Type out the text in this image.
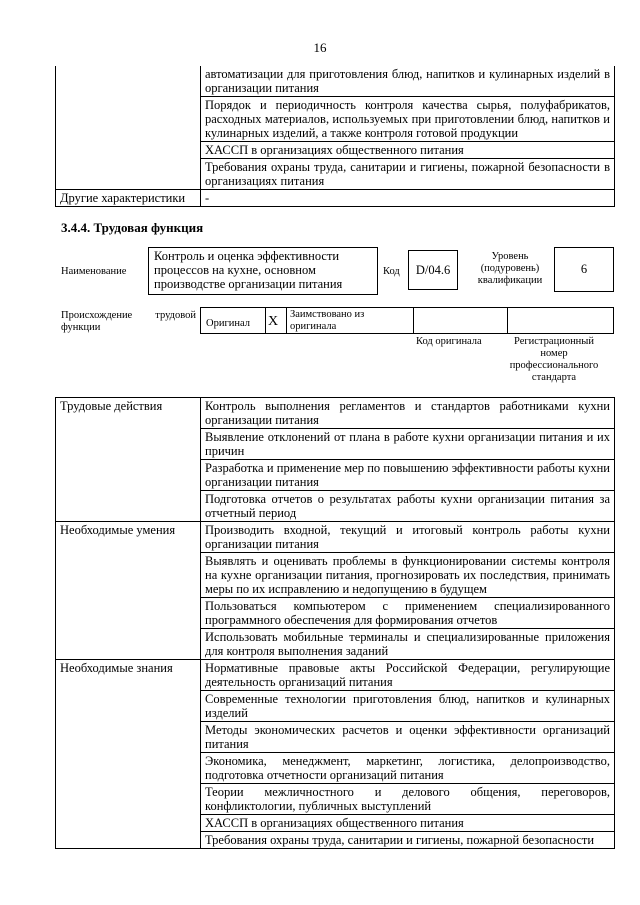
16
	автоматизации для приготовления блюд, напитков и кулинарных изделий в организации питания
	Порядок и периодичность контроля качества сырья, полуфабрикатов, расходных материалов, используемых при приготовлении блюд, напитков и кулинарных изделий, а также контроля готовой продукции
	ХАССП в организациях общественного питания
	Требования охраны труда, санитарии и гигиены, пожарной безопасности в организациях питания
Другие характеристики	-
3.4.4. Трудовая функция
Наименование
Контроль и оценка эффективности процессов на кухне, основном производстве организации питания
Код	D/04.6
Уровень (подуровень) квалификации
6
Происхождение трудовой функции	Оригинал X Заимствовано из оригинала
Код оригинала	Регистрационный номер профессионального стандарта
Трудовые действия	Контроль выполнения регламентов и стандартов работниками кухни организации питания
	Выявление отклонений от плана в работе кухни организации питания и их причин
	Разработка и применение мер по повышению эффективности работы кухни организации питания
	Подготовка отчетов о результатах работы кухни организации питания за отчетный период
Необходимые умения	Производить входной, текущий и итоговый контроль работы кухни организации питания
	Выявлять и оценивать проблемы в функционировании системы контроля на кухне организации питания, прогнозировать их последствия, принимать меры по их исправлению и недопущению в будущем
	Пользоваться компьютером с применением специализированного программного обеспечения для формирования отчетов
	Использовать мобильные терминалы и специализированные приложения для контроля выполнения заданий
Необходимые знания	Нормативные правовые акты Российской Федерации, регулирующие деятельность организаций питания
	Современные технологии приготовления блюд, напитков и кулинарных изделий
	Методы экономических расчетов и оценки эффективности организаций питания
	Экономика, менеджмент, маркетинг, логистика, делопроизводство, подготовка отчетности организаций питания
	Теории межличностного и делового общения, переговоров, конфликтологии, публичных выступлений
	ХАССП в организациях общественного питания
	Требования охраны труда, санитарии и гигиены, пожарной безопасности
